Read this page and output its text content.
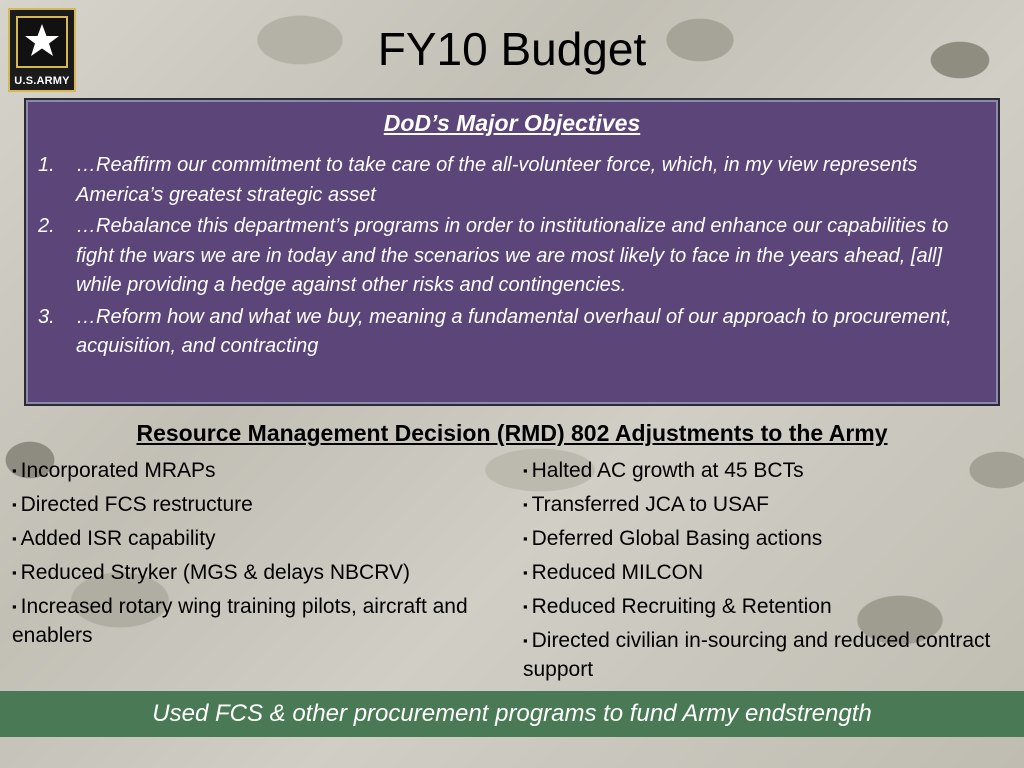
U.S.ARMY
FY10 Budget
DoD’s Major Objectives
1. …Reaffirm our commitment to take care of the all-volunteer force, which, in my view represents America’s greatest strategic asset
2. …Rebalance this department’s programs in order to institutionalize and enhance our capabilities to fight the wars we are in today and the scenarios we are most likely to face in the years ahead, [all] while providing a hedge against other risks and contingencies.
3. …Reform how and what we buy, meaning a fundamental overhaul of our approach to procurement, acquisition, and contracting
Resource Management Decision (RMD) 802 Adjustments to the Army
▪ Incorporated MRAPs
▪ Directed FCS restructure
▪ Added ISR capability
▪ Reduced Stryker (MGS & delays NBCRV)
▪ Increased rotary wing training pilots, aircraft and enablers
▪ Halted AC growth at 45 BCTs
▪ Transferred JCA to USAF
▪ Deferred Global Basing actions
▪ Reduced MILCON
▪ Reduced Recruiting & Retention
▪ Directed civilian in-sourcing and reduced contract support
Used FCS & other procurement programs to fund Army endstrength
